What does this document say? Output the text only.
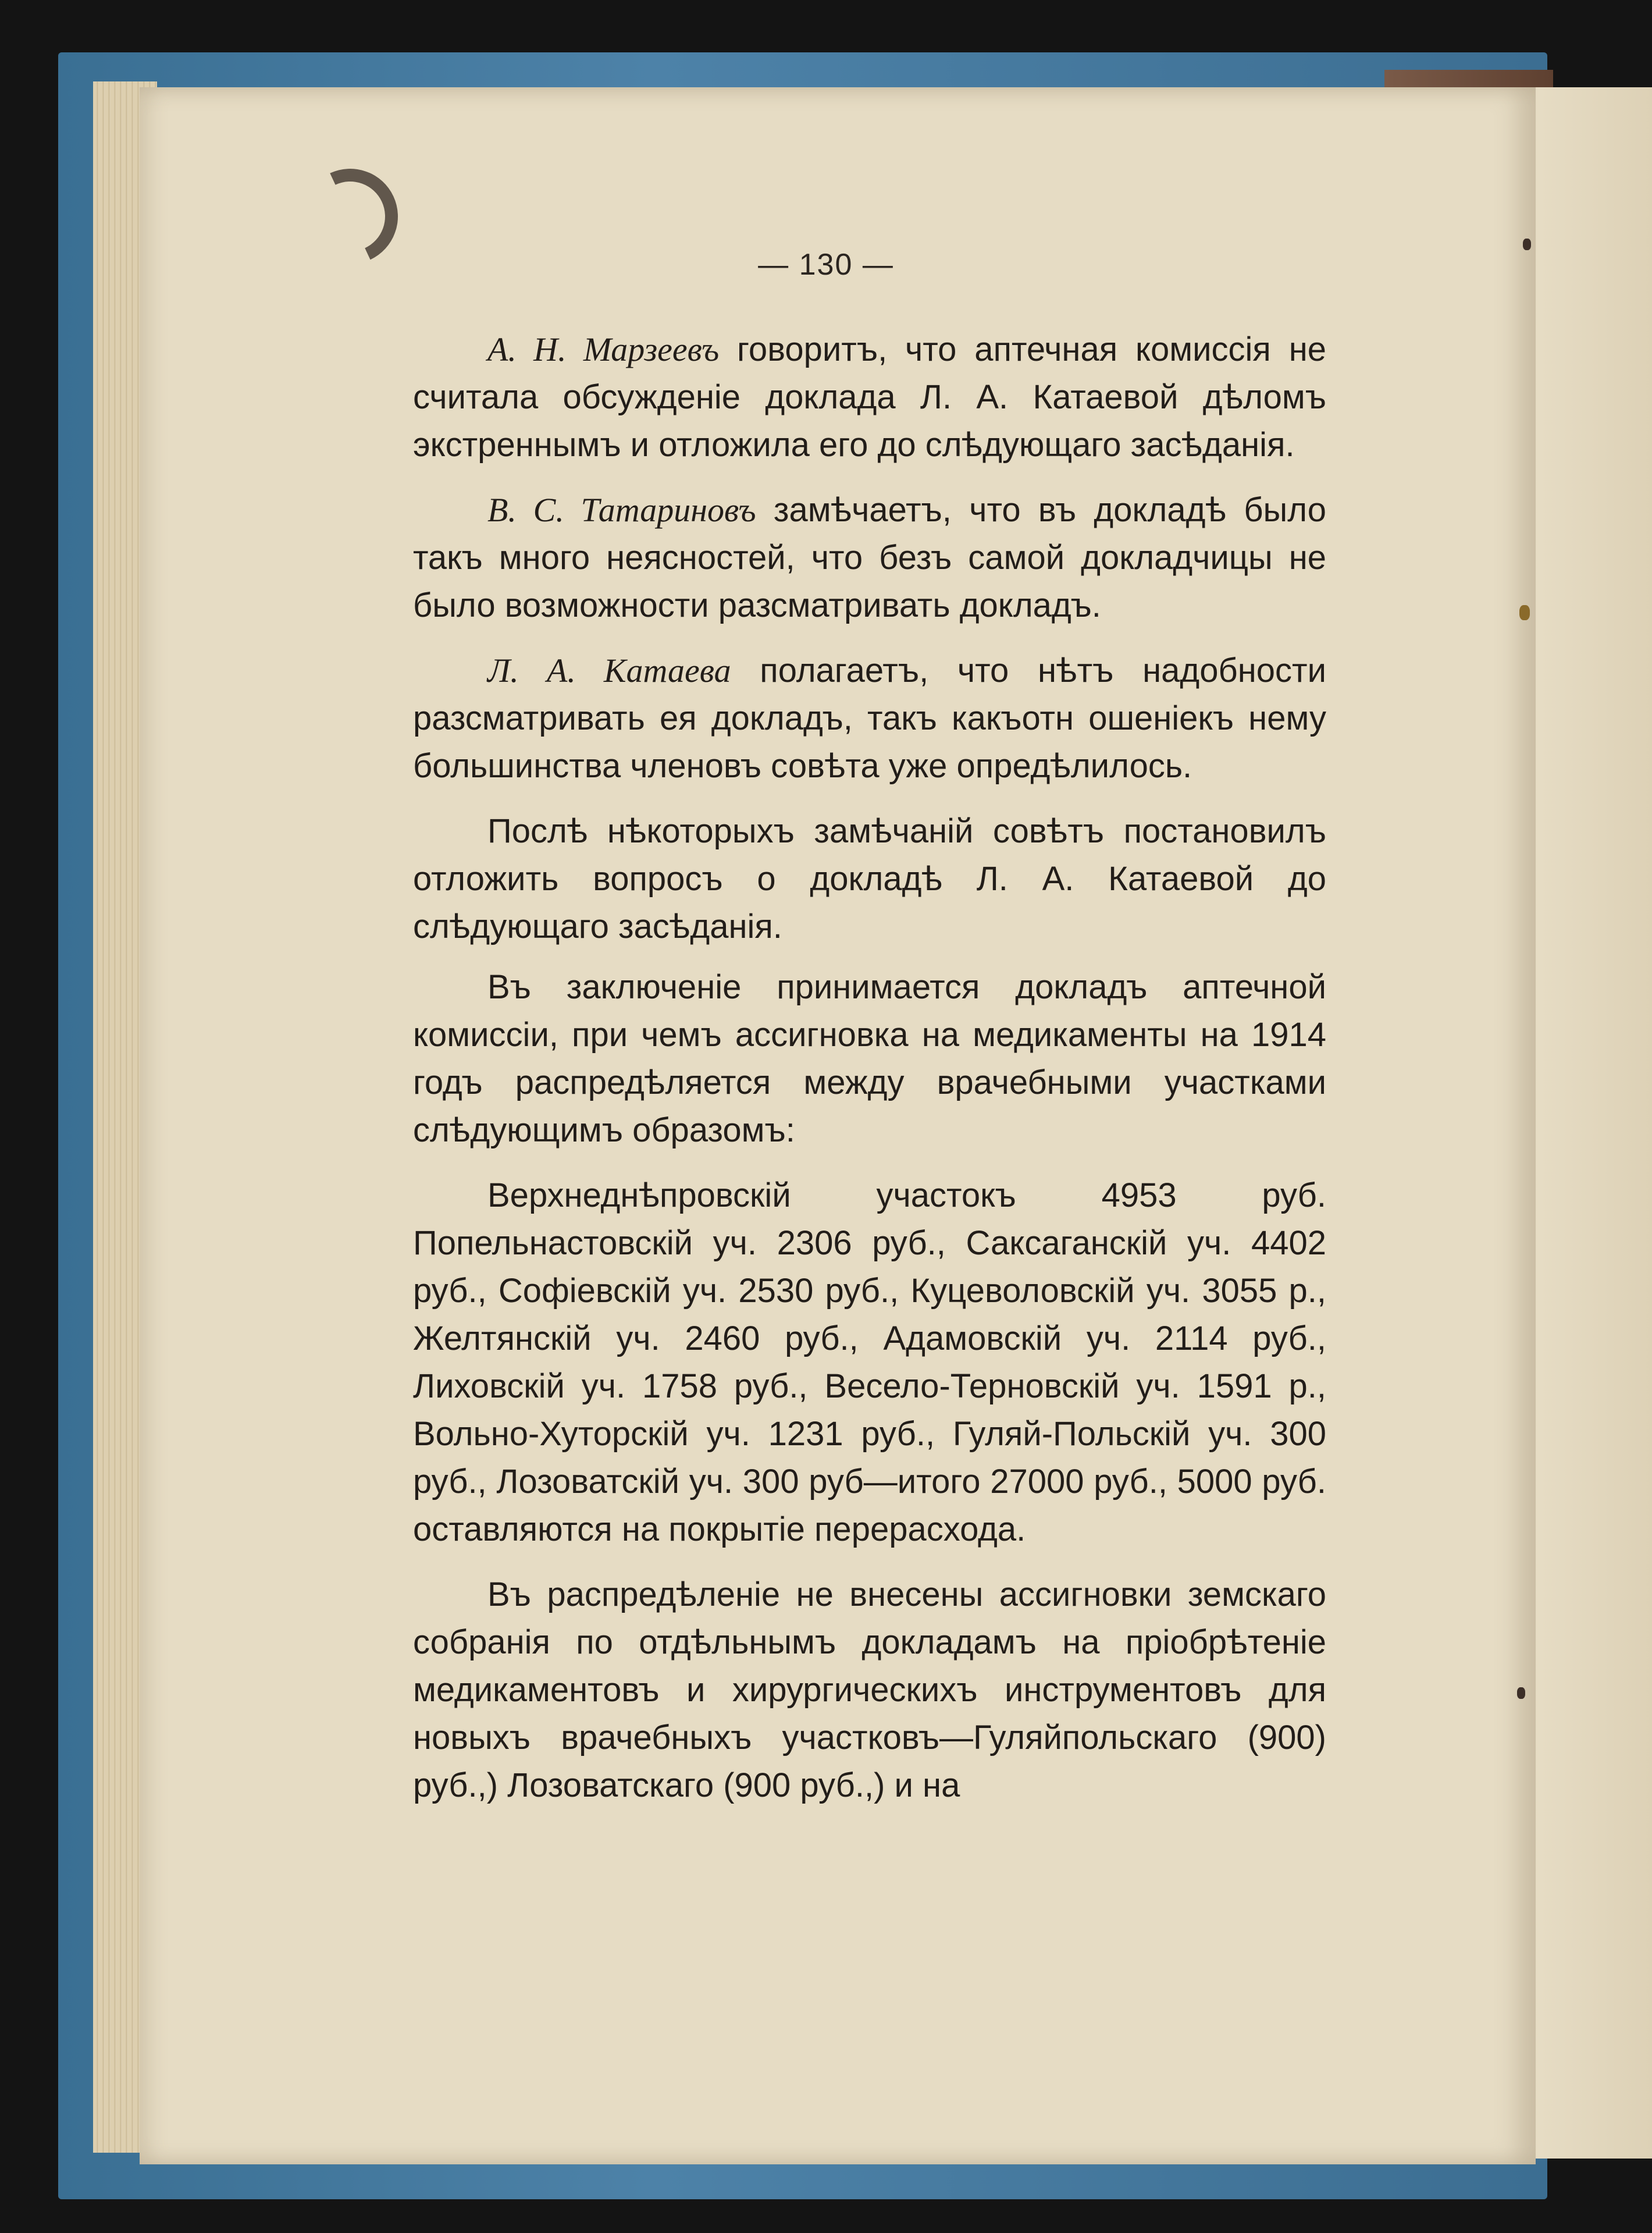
— 130 —

А. Н. Марзеевъ говоритъ, что аптечная комиссія не считала обсужденіе доклада Л. А. Катаевой дѣломъ экстреннымъ и отложила его до слѣдующаго засѣданія.

В. С. Татариновъ замѣчаетъ, что въ докладѣ было такъ много неясностей, что безъ самой докладчицы не было возможности разсматривать докладъ.

Л. А. Катаева полагаетъ, что нѣтъ надобности разсматривать ея докладъ, такъ какъотн ошеніекъ нему большинства членовъ совѣта уже опредѣлилось.

Послѣ нѣкоторыхъ замѣчаній совѣтъ постановилъ отложить вопросъ о докладѣ Л. А. Катаевой до слѣдующаго засѣданія.

Въ заключеніе принимается докладъ аптечной комиссіи, при чемъ ассигновка на медикаменты на 1914 годъ распредѣляется между врачебными участками слѣдующимъ образомъ:

Верхнеднѣпровскій участокъ 4953 руб. Попельнастовскій уч. 2306 руб., Саксаганскій уч. 4402 руб., Софіевскій уч. 2530 руб., Куцеволовскій уч. 3055 р., Желтянскій уч. 2460 руб., Адамовскій уч. 2114 руб., Лиховскій уч. 1758 руб., Весело-Терновскій уч. 1591 р., Вольно-Хуторскій уч. 1231 руб., Гуляй-Польскій уч. 300 руб., Лозоватскій уч. 300 руб—итого 27000 руб., 5000 руб. оставляются на покрытіе перерасхода.

Въ распредѣленіе не внесены ассигновки земскаго собранія по отдѣльнымъ докладамъ на пріобрѣтеніе медикаментовъ и хирургическихъ инструментовъ для новыхъ врачебныхъ участковъ—Гуляйпольскаго (900) руб.,) Лозоватскаго (900 руб.,) и на
